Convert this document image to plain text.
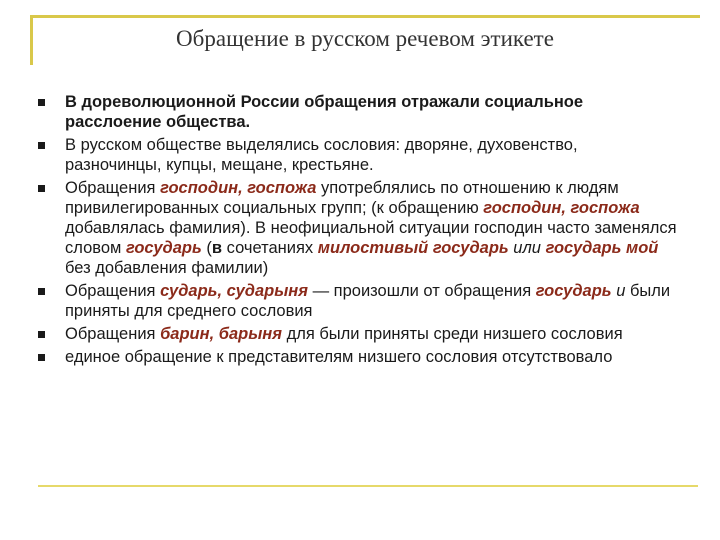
Обращение в русском речевом этикете
В дореволюционной России обращения отражали социальное расслоение общества.
В русском обществе выделялись сословия: дворяне, духовенство, разночинцы, купцы, мещане, крестьяне.
Обращения господин, госпожа употреблялись по отношению к людям привилегированных социальных групп; (к обращению господин, госпожа добавлялась фамилия). В неофициальной ситуации господин часто заменялся словом государь (в сочетаниях милостивый государь или государь мой без добавления фамилии)
Обращения сударь, сударыня — произошли от обращения государь и были приняты для среднего сословия
Обращения барин, барыня для были приняты среди низшего сословия
единое обращение к представителям низшего сословия отсутствовало
